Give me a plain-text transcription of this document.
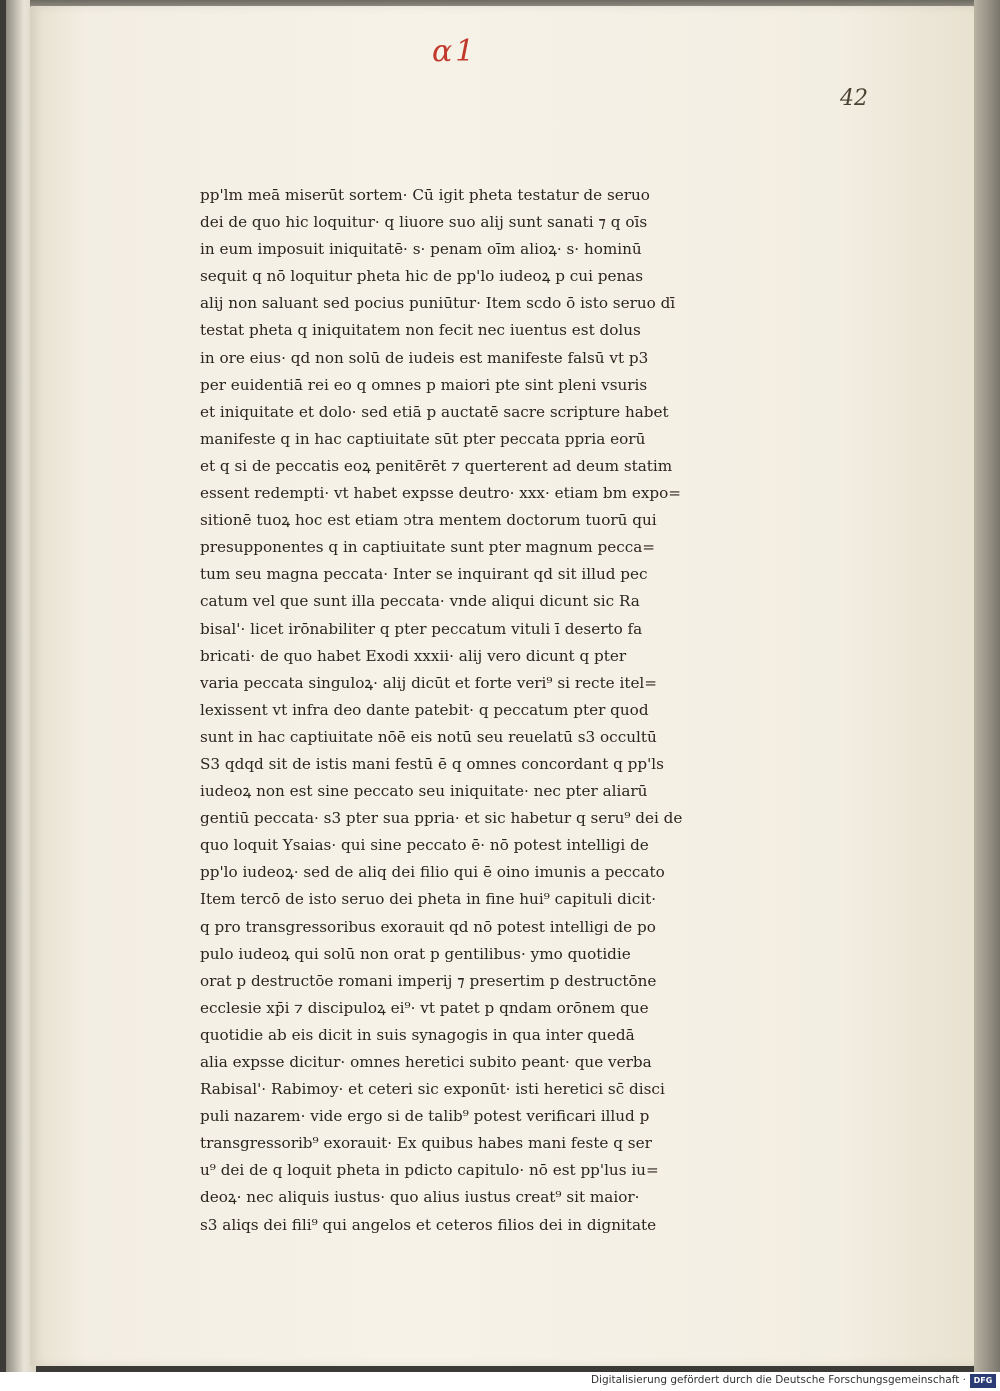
ɑ1
42
pp'lm meā miserūt sortem· Cū igit pheta testatur de seruo
dei de quo hic loquitur· q liuore suo alij sunt sanati ⁊ q oīs
in eum imposuit iniquitatē· s· penam oīm alioꝝ· s· hominū
sequit q nō loquitur pheta hic de pp'lo iudeoꝝ p cui penas
alij non saluant sed pocius puniūtur· Item scdo ō isto seruo dī
testat pheta q iniquitatem non fecit nec iuentus est dolus
in ore eius· qd non solū de iudeis est manifeste falsū vt p3
per euidentiā rei eo q omnes p maiori pte sint pleni vsuris
et iniquitate et dolo· sed etiā p auctatē sacre scripture habet
manifeste q in hac captiuitate sūt pter peccata ppria eorū
et q si de peccatis eoꝝ penitērēt ⁊ querterent ad deum statim
essent redempti· vt habet expsse deutro· xxx· etiam bm expo=
sitionē tuoꝝ hoc est etiam ↄtra mentem doctorum tuorū qui
presupponentes q in captiuitate sunt pter magnum pecca=
tum seu magna peccata· Inter se inquirant qd sit illud pec
catum vel que sunt illa peccata· vnde aliqui dicunt sic Ra
bisal'· licet irōnabiliter q pter peccatum vituli ī deserto fa
bricati· de quo habet Exodi xxxii· alij vero dicunt q pter
varia peccata singuloꝝ· alij dicūt et forte veri⁹ si recte itel=
lexissent vt infra deo dante patebit· q peccatum pter quod
sunt in hac captiuitate nōē eis notū seu reuelatū s3 occultū
S3 qdqd sit de istis mani festū ē q omnes concordant q pp'ls
iudeoꝝ non est sine peccato seu iniquitate· nec pter aliarū
gentiū peccata· s3 pter sua ppria· et sic habetur q seru⁹ dei de
quo loquit Ysaias· qui sine peccato ē· nō potest intelligi de
pp'lo iudeoꝝ· sed de aliq dei filio qui ē oino imunis a peccato
Item tercō de isto seruo dei pheta in fine hui⁹ capituli dicit·
q pro transgressoribus exorauit qd nō potest intelligi de po
pulo iudeoꝝ qui solū non orat p gentilibus· ymo quotidie
orat p destructōe romani imperij ⁊ presertim p destructōne
ecclesie xp̄i ⁊ discipuloꝝ ei⁹· vt patet p qndam orōnem que
quotidie ab eis dicit in suis synagogis in qua inter quedā
alia expsse dicitur· omnes heretici subito peant· que verba
Rabisal'· Rabimoy· et ceteri sic exponūt· isti heretici sc̄ disci
puli nazarem· vide ergo si de talib⁹ potest verificari illud p
transgressorib⁹ exorauit· Ex quibus habes mani feste q ser
u⁹ dei de q loquit pheta in pdicto capitulo· nō est pp'lus iu=
deoꝝ· nec aliquis iustus· quo alius iustus creat⁹ sit maior·
s3 aliqs dei fili⁹ qui angelos et ceteros filios dei in dignitate
Digitalisierung gefördert durch die Deutsche Forschungsgemeinschaft · DFG
